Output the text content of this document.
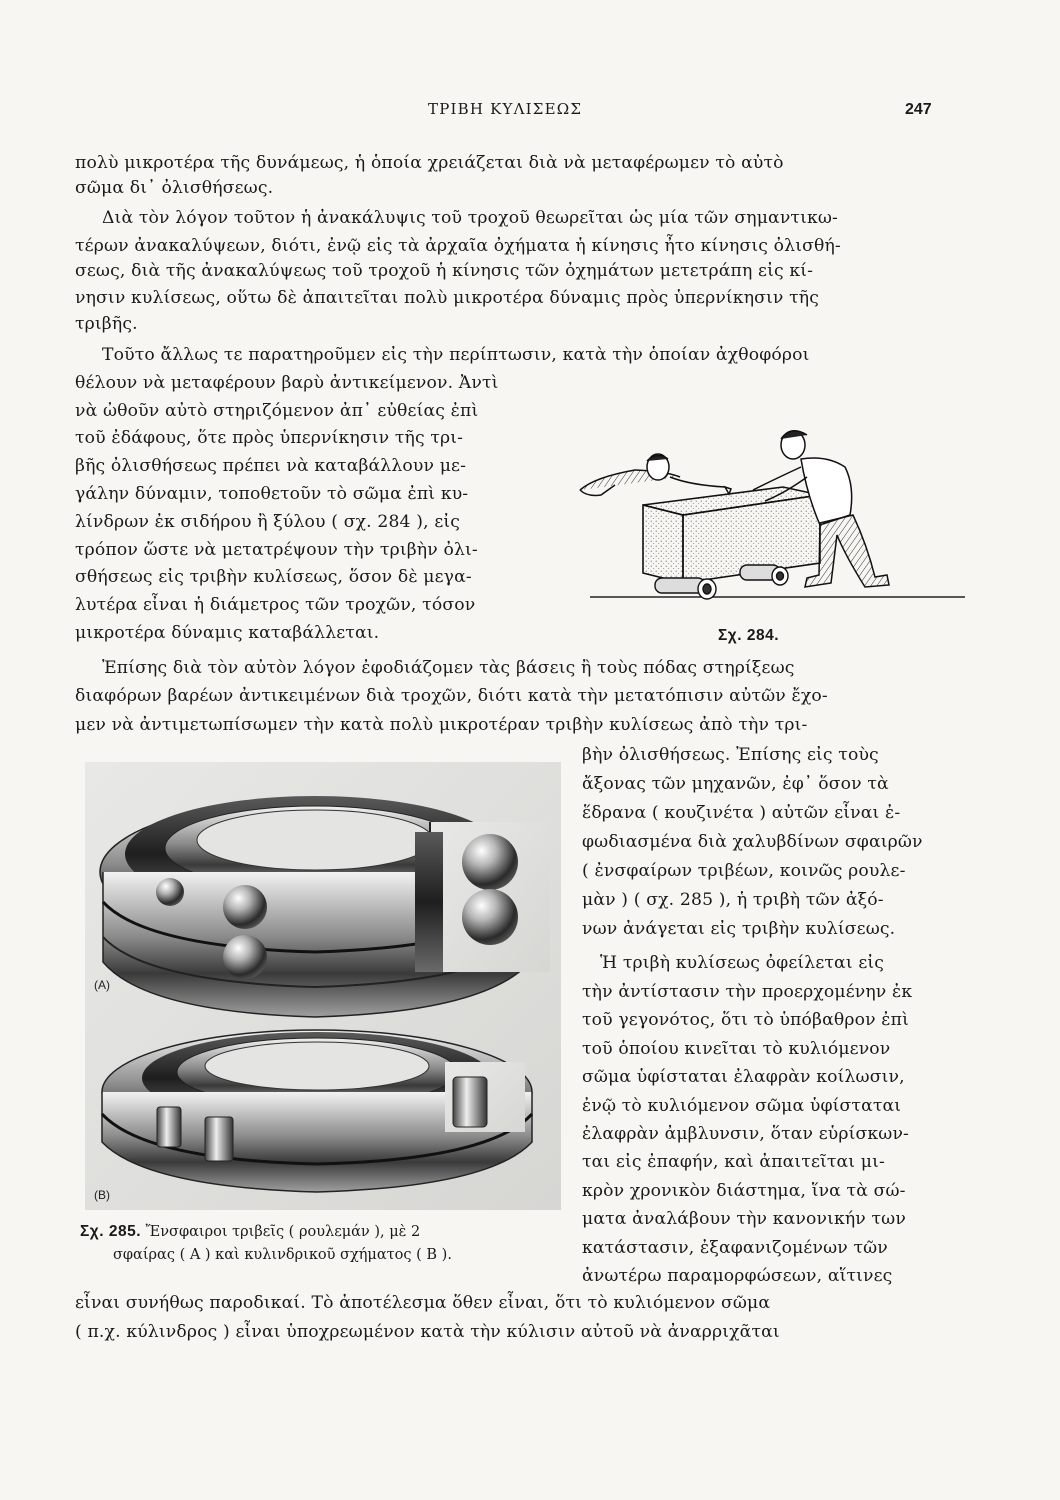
ΤΡΙΒΗ ΚΥΛΙΣΕΩΣ	247
πολὺ μικροτέρα τῆς δυνάμεως, ἡ ὁποία χρειάζεται διὰ νὰ μεταφέρωμεν τὸ αὐτὸ
σῶμα δι᾽ ὀλισθήσεως.
Διὰ τὸν λόγον τοῦτον ἡ ἀνακάλυψις τοῦ τροχοῦ θεωρεῖται ὡς μία τῶν σημαντικω-
τέρων ἀνακαλύψεων, διότι, ἐνῷ εἰς τὰ ἀρχαῖα ὀχήματα ἡ κίνησις ἦτο κίνησις ὀλισθή-
σεως, διὰ τῆς ἀνακαλύψεως τοῦ τροχοῦ ἡ κίνησις τῶν ὀχημάτων μετετράπη εἰς κί-
νησιν κυλίσεως, οὕτω δὲ ἀπαιτεῖται πολὺ μικροτέρα δύναμις πρὸς ὑπερνίκησιν τῆς
τριβῆς.
Τοῦτο ἄλλως τε παρατηροῦμεν εἰς τὴν περίπτωσιν, κατὰ τὴν ὁποίαν ἀχθοφόροι
θέλουν νὰ μεταφέρουν βαρὺ ἀντικείμενον. Ἀντὶ
νὰ ὠθοῦν αὐτὸ στηριζόμενον ἀπ᾽ εὐθείας ἐπὶ
τοῦ ἐδάφους, ὅτε πρὸς ὑπερνίκησιν τῆς τρι-
βῆς ὀλισθήσεως πρέπει νὰ καταβάλλουν με-
γάλην δύναμιν, τοποθετοῦν τὸ σῶμα ἐπὶ κυ-
λίνδρων ἐκ σιδήρου ἢ ξύλου ( σχ. 284 ), εἰς
τρόπον ὥστε νὰ μετατρέψουν τὴν τριβὴν ὀλι-
σθήσεως εἰς τριβὴν κυλίσεως, ὅσον δὲ μεγα-
λυτέρα εἶναι ἡ διάμετρος τῶν τροχῶν, τόσον
μικροτέρα δύναμις καταβάλλεται.	Σχ. 284.
Ἐπίσης διὰ τὸν αὐτὸν λόγον ἐφοδιάζομεν τὰς βάσεις ἢ τοὺς πόδας στηρίξεως
διαφόρων βαρέων ἀντικειμένων διὰ τροχῶν, διότι κατὰ τὴν μετατόπισιν αὐτῶν ἔχο-
μεν νὰ ἀντιμετωπίσωμεν τὴν κατὰ πολὺ μικροτέραν τριβὴν κυλίσεως ἀπὸ τὴν τρι-
βὴν ὀλισθήσεως. Ἐπίσης εἰς τοὺς
ἄξονας τῶν μηχανῶν, ἐφ᾽ ὅσον τὰ
ἕδρανα ( κουζινέτα ) αὐτῶν εἶναι ἐ-
φωδιασμένα διὰ χαλυβδίνων σφαιρῶν
( ἐνσφαίρων τριβέων, κοινῶς ρουλε-
μὰν ) ( σχ. 285 ), ἡ τριβὴ τῶν ἀξό-
νων ἀνάγεται εἰς τριβὴν κυλίσεως.
(A)
(B)
Σχ. 285. Ἔνσφαιροι τριβεῖς ( ρουλεμάν ), μὲ 2
σφαίρας ( Α ) καὶ κυλινδρικοῦ σχήματος ( Β ).
Ἡ τριβὴ κυλίσεως ὀφείλεται εἰς
τὴν ἀντίστασιν τὴν προερχομένην ἐκ
τοῦ γεγονότος, ὅτι τὸ ὑπόβαθρον ἐπὶ
τοῦ ὁποίου κινεῖται τὸ κυλιόμενον
σῶμα ὑφίσταται ἐλαφρὰν κοίλωσιν,
ἐνῷ τὸ κυλιόμενον σῶμα ὑφίσταται
ἐλαφρὰν ἀμβλυνσιν, ὅταν εὑρίσκων-
ται εἰς ἐπαφήν, καὶ ἀπαιτεῖται μι-
κρὸν χρονικὸν διάστημα, ἵνα τὰ σώ-
ματα ἀναλάβουν τὴν κανονικήν των
κατάστασιν, ἐξαφανιζομένων τῶν
ἀνωτέρω παραμορφώσεων, αἵτινες
εἶναι συνήθως παροδικαί. Τὸ ἀποτέλεσμα ὅθεν εἶναι, ὅτι τὸ κυλιόμενον σῶμα
( π.χ. κύλινδρος ) εἶναι ὑποχρεωμένον κατὰ τὴν κύλισιν αὐτοῦ νὰ ἀναρριχᾶται
